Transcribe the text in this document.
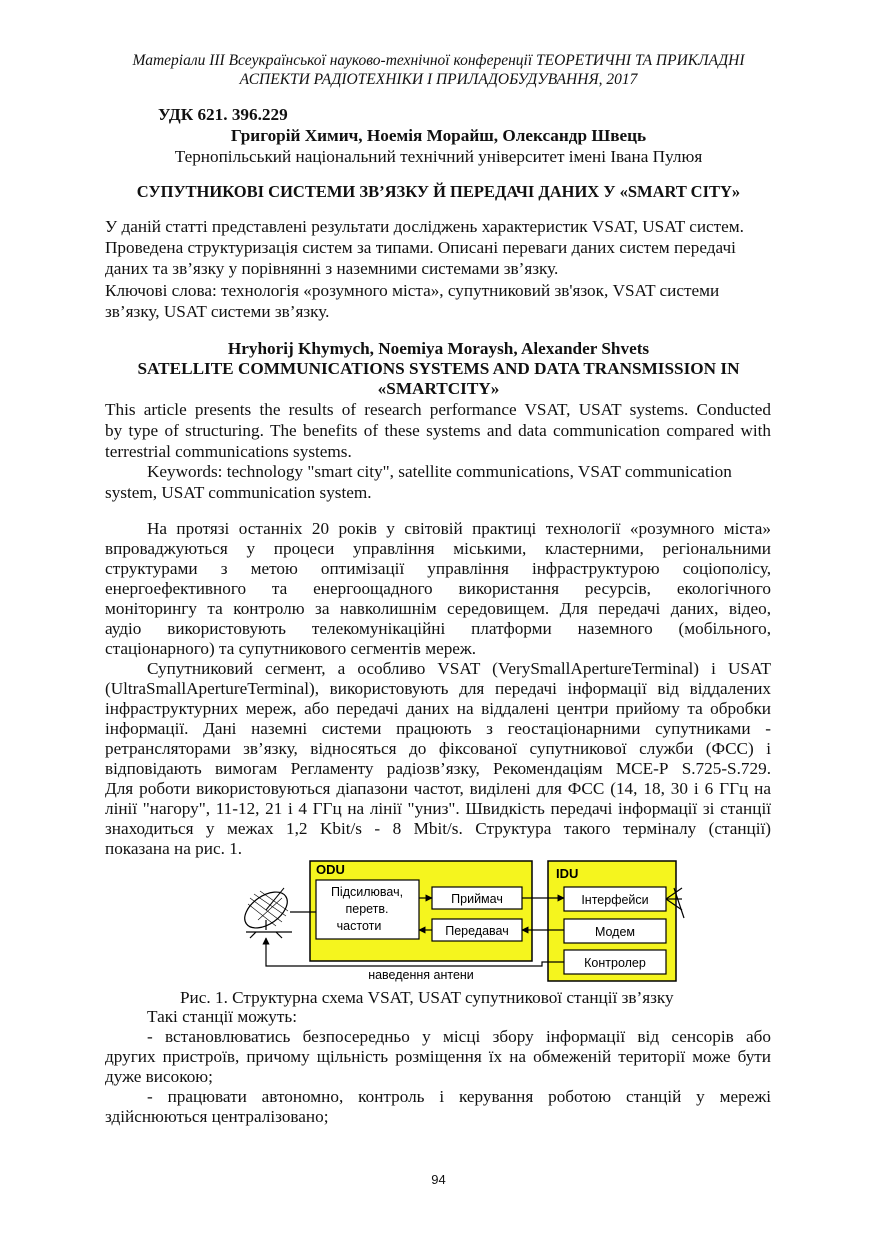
Матеріали ІІІ Всеукраїнської науково-технічної конференції ТЕОРЕТИЧНІ ТА ПРИКЛАДНІ
АСПЕКТИ РАДІОТЕХНІКИ І ПРИЛАДОБУДУВАННЯ, 2017
УДК 621. 396.229
Григорій Химич, Ноемія Морайш, Олександр Швець
Тернопільський національний технічний університет імені Івана Пулюя
СУПУТНИКОВІ СИСТЕМИ ЗВ’ЯЗКУ Й ПЕРЕДАЧІ ДАНИХ У «SMART CITY»
У даній статті представлені результати досліджень характеристик VSAT, USAT систем.
Проведена структуризація систем за типами. Описані переваги даних систем передачі
даних та зв’язку у порівнянні з наземними системами зв’язку.
Ключові слова: технологія «розумного міста», супутниковий зв'язок, VSAT системи
зв’язку, USAT системи зв’язку.
Hryhorij Khymych, Noemiya Moraysh, Alexander Shvets
SATELLITE COMMUNICATIONS SYSTEMS AND DATA TRANSMISSION IN
«SMARTCITY»
This article presents the results of research performance VSAT, USAT systems. Conducted
by type of structuring. The benefits of these systems and data communication compared with
terrestrial communications systems.
Keywords: technology "smart city", satellite communications, VSAT communication
system, USAT communication system.
На протязі останніх 20 років у світовій практиці технології «розумного міста»
впроваджуються у процеси управління міськими, кластерними, регіональними
структурами з метою оптимізації управління інфраструктурою соціополісу,
енергоефективного та енергоощадного використання ресурсів, екологічного
моніторингу та контролю за навколишнім середовищем. Для передачі даних, відео,
аудіо використовують телекомунікаційні платформи наземного (мобільного,
стаціонарного) та супутникового сегментів мереж.
Супутниковий сегмент, а особливо VSAT (VerySmallApertureTerminal) і USAT
(UltraSmallApertureTerminal), використовують для передачі інформації від віддалених
інфраструктурних мереж, або передачі даних на віддалені центри прийому та обробки
інформації. Дані наземні системи працюють з геостаціонарними супутниками -
ретрансляторами зв’язку, відносяться до фіксованої супутникової служби (ФСС) і
відповідають вимогам Регламенту радіозв’язку, Рекомендаціям МСЕ-Р S.725-S.729.
Для роботи використовуються діапазони частот, виділені для ФСС (14, 18, 30 і 6 ГГц на
лінії "нагору", 11-12, 21 і 4 ГГц на лінії "униз". Швидкість передачі інформації зі станції
знаходиться у межах 1,2 Kbit/s - 8 Mbit/s. Структура такого терміналу (станції)
показана на рис. 1.
ODU	IDU
Підсилювач,
перетв.
частоти
Приймач
Передавач
Інтерфейси
Модем
Контролер
наведення антени
Рис. 1. Структурна схема VSAT, USAT супутникової станції зв’язку
Такі станції можуть:
- встановлюватись безпосередньо у місці збору інформації від сенсорів або
других пристроїв, причому щільність розміщення їх на обмеженій території може бути
дуже високою;
- працювати автономно, контроль і керування роботою станцій у мережі
здійснюються централізовано;
94
